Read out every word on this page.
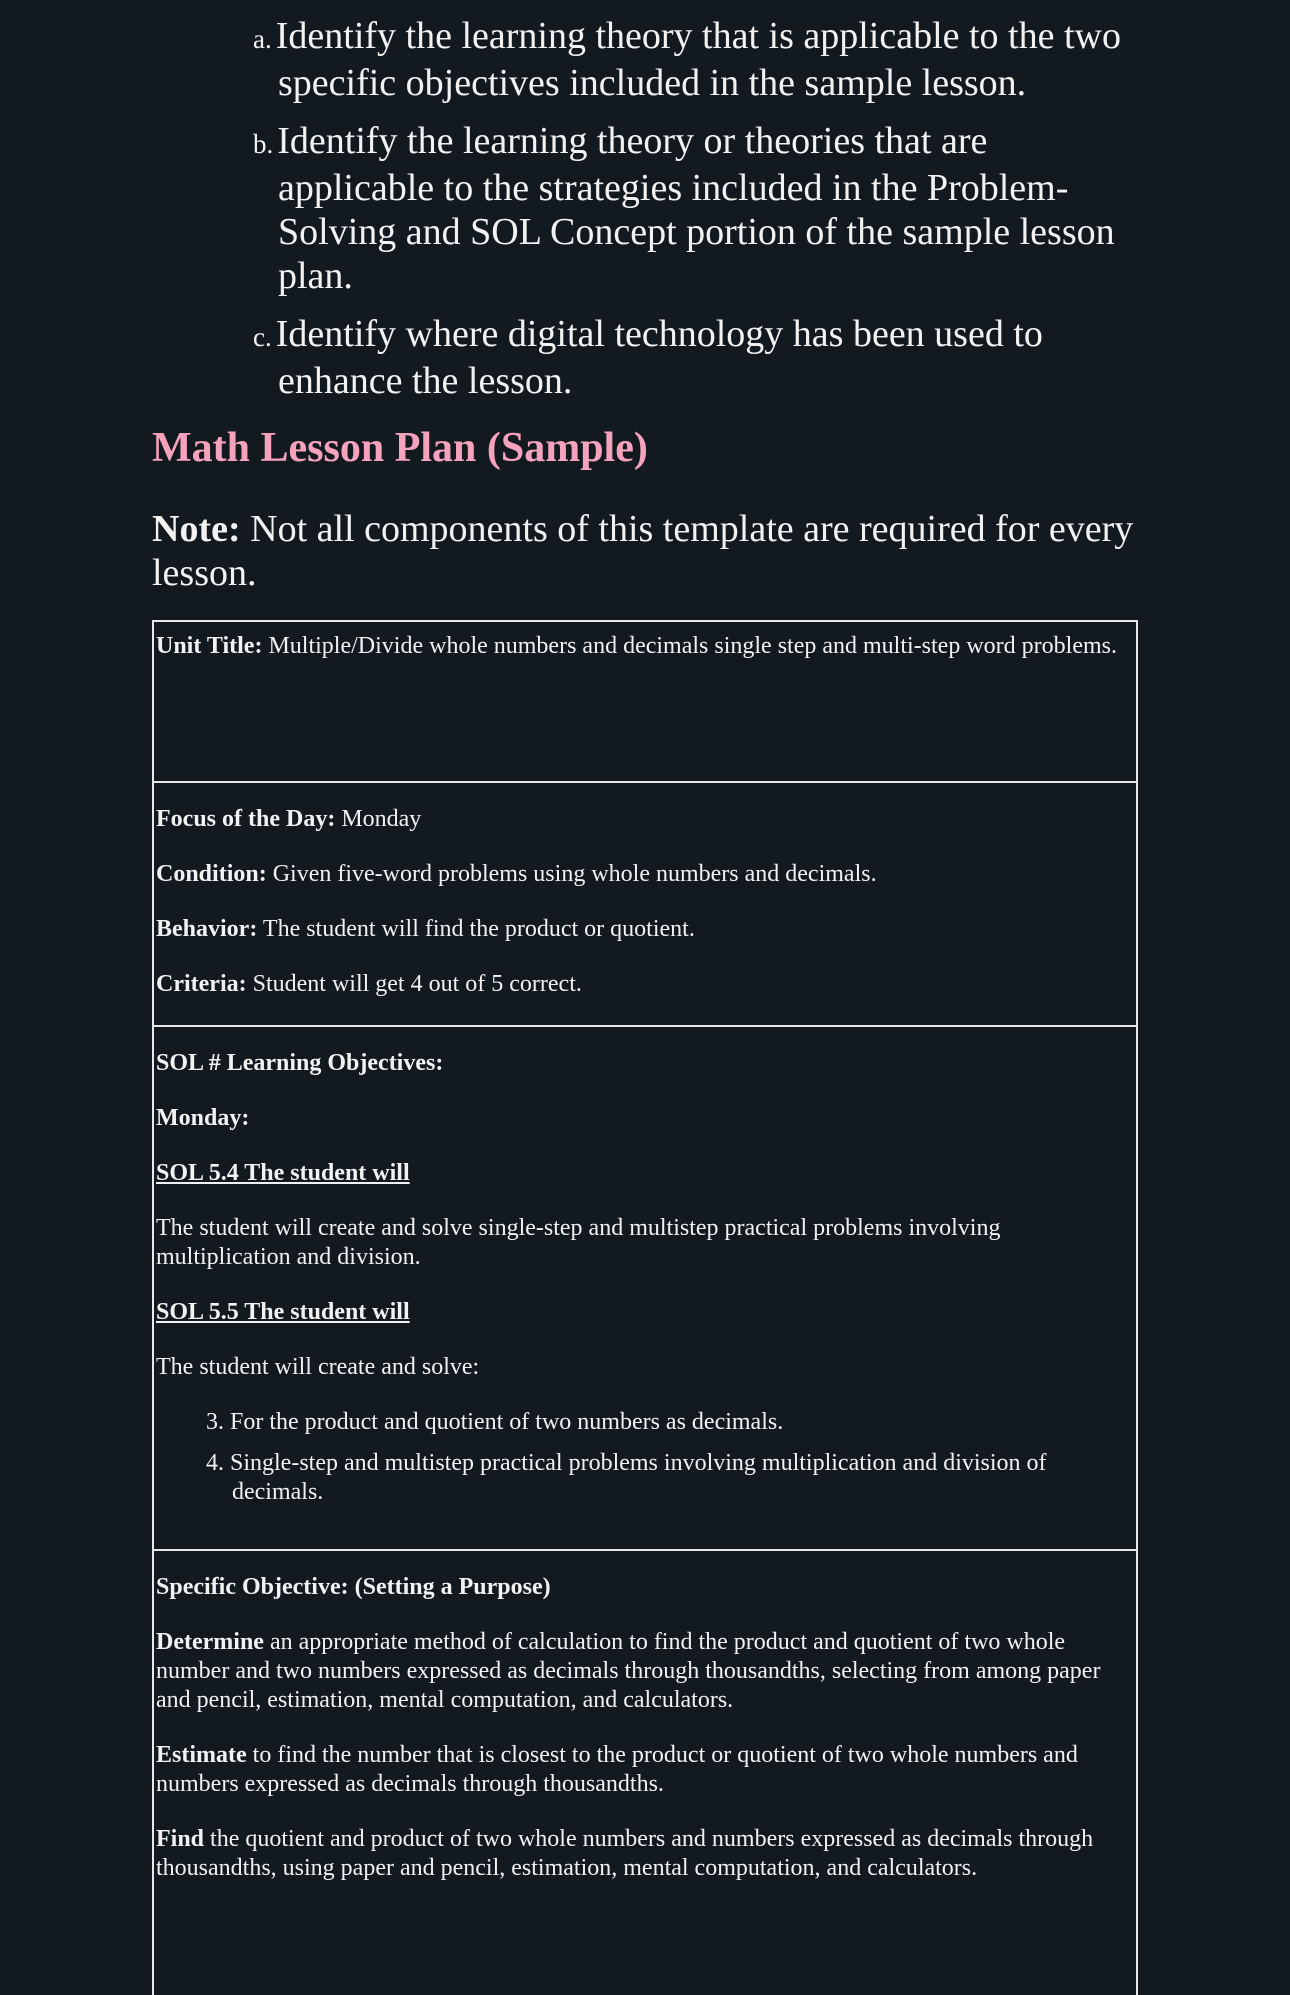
a. Identify the learning theory that is applicable to the two specific objectives included in the sample lesson.
b. Identify the learning theory or theories that are applicable to the strategies included in the Problem-Solving and SOL Concept portion of the sample lesson plan.
c. Identify where digital technology has been used to enhance the lesson.
Math Lesson Plan (Sample)

Note: Not all components of this template are required for every lesson.

Unit Title: Multiple/Divide whole numbers and decimals single step and multi-step word problems.

Focus of the Day: Monday

Condition: Given five-word problems using whole numbers and decimals.

Behavior: The student will find the product or quotient.

Criteria: Student will get 4 out of 5 correct.

SOL # Learning Objectives:

Monday:

SOL 5.4 The student will

The student will create and solve single-step and multistep practical problems involving multiplication and division.

SOL 5.5 The student will

The student will create and solve:

3. For the product and quotient of two numbers as decimals.
4. Single-step and multistep practical problems involving multiplication and division of decimals.

Specific Objective: (Setting a Purpose)

Determine an appropriate method of calculation to find the product and quotient of two whole number and two numbers expressed as decimals through thousandths, selecting from among paper and pencil, estimation, mental computation, and calculators.

Estimate to find the number that is closest to the product or quotient of two whole numbers and numbers expressed as decimals through thousandths.

Find the quotient and product of two whole numbers and numbers expressed as decimals through thousandths, using paper and pencil, estimation, mental computation, and calculators.
